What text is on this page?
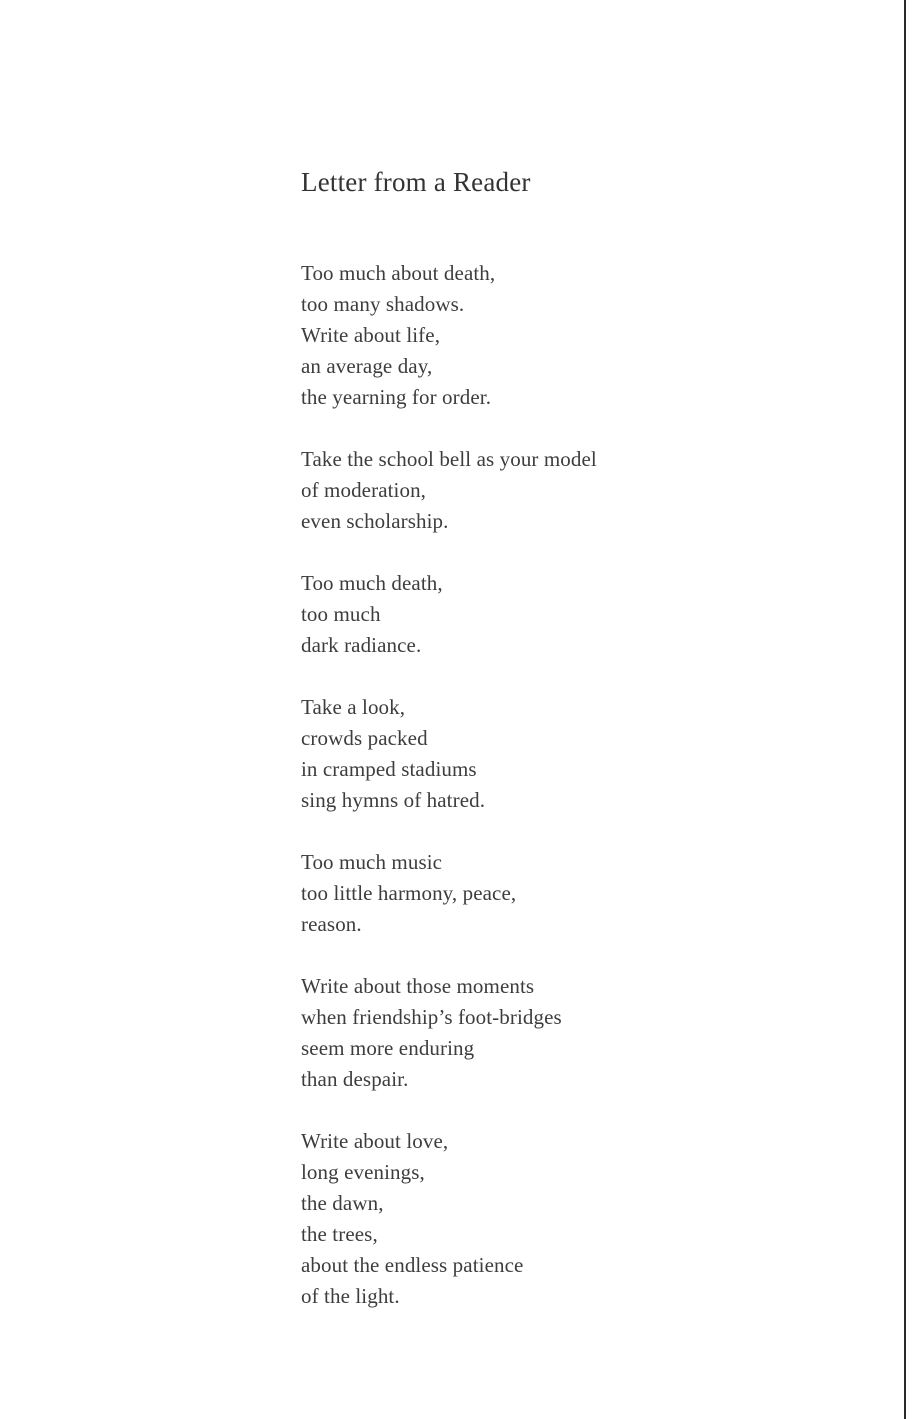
Letter from a Reader
Too much about death,
too many shadows.
Write about life,
an average day,
the yearning for order.
Take the school bell as your model
of moderation,
even scholarship.
Too much death,
too much
dark radiance.
Take a look,
crowds packed
in cramped stadiums
sing hymns of hatred.
Too much music
too little harmony, peace,
reason.
Write about those moments
when friendship’s foot-bridges
seem more enduring
than despair.
Write about love,
long evenings,
the dawn,
the trees,
about the endless patience
of the light.
